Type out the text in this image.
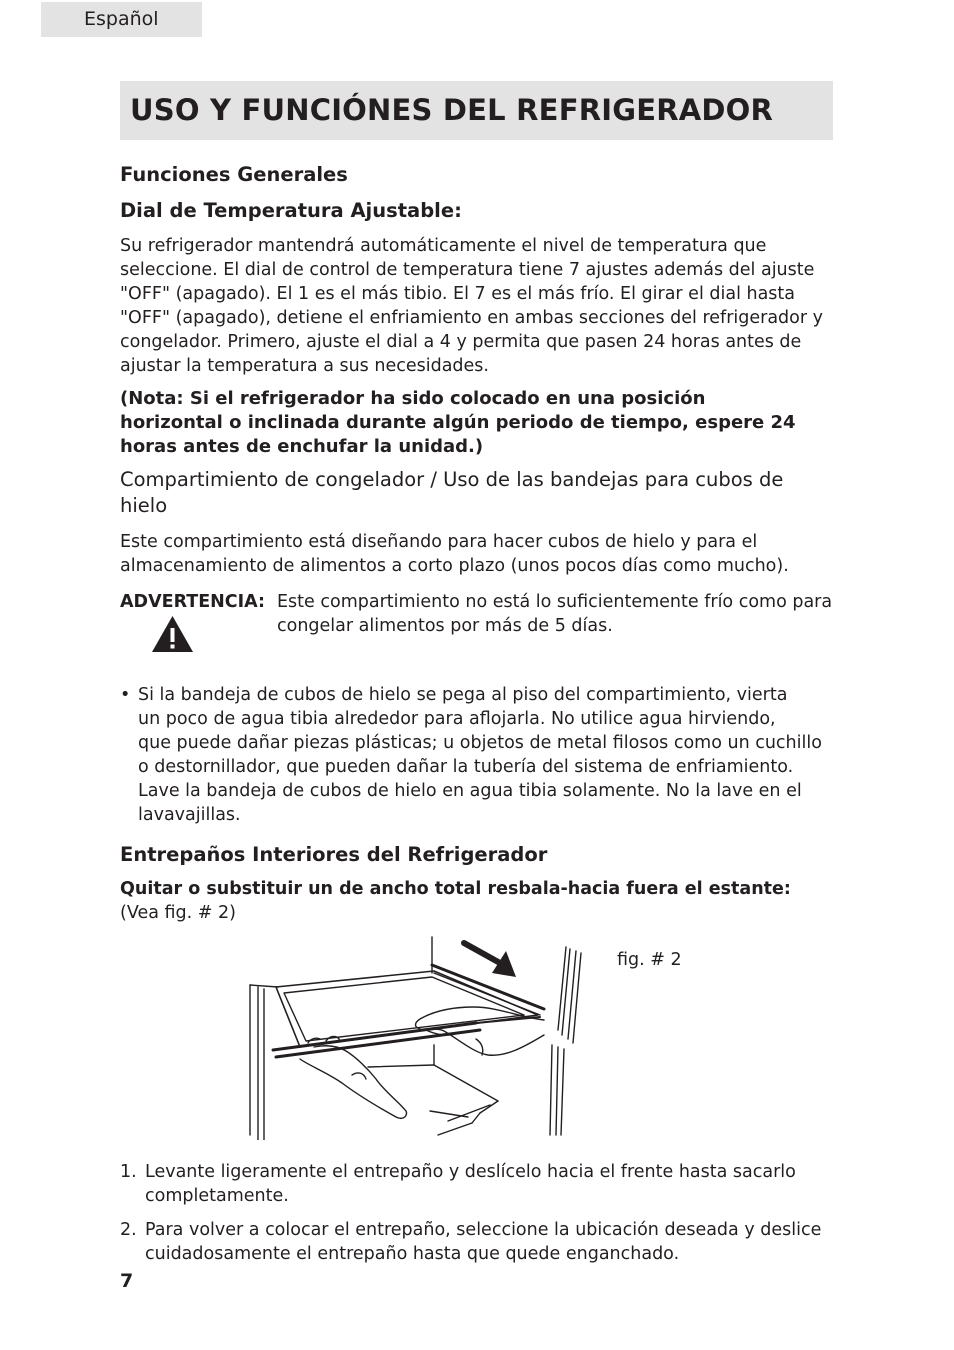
Español
USO Y FUNCIÓNES DEL REFRIGERADOR
Funciones Generales
Dial de Temperatura Ajustable:

Su refrigerador mantendrá automáticamente el nivel de temperatura que

seleccione. El dial de control de temperatura tiene 7 ajustes además del ajuste

"OFF" (apagado). El 1 es el más tibio. El 7 es el más frío. El girar el dial hasta

"OFF" (apagado), detiene el enfriamiento en ambas secciones del refrigerador y

congelador. Primero, ajuste el dial a 4 y permita que pasen 24 horas antes de

ajustar la temperatura a sus necesidades.

(Nota: Si el refrigerador ha sido colocado en una posición

horizontal o inclinada durante algún periodo de tiempo, espere 24

horas antes de enchufar la unidad.)

Compartimiento de congelador / Uso de las bandejas para cubos de

hielo

Este compartimiento está diseñando para hacer cubos de hielo y para el

almacenamiento de alimentos a corto plazo (unos pocos días como mucho).

ADVERTENCIA: Este compartimiento no está lo suficientemente frío como para

congelar alimentos por más de 5 días.

• Si la bandeja de cubos de hielo se pega al piso del compartimiento, vierta

un poco de agua tibia alrededor para aflojarla. No utilice agua hirviendo,

que puede dañar piezas plásticas; u objetos de metal filosos como un cuchillo

o destornillador, que pueden dañar la tubería del sistema de enfriamiento.

Lave la bandeja de cubos de hielo en agua tibia solamente. No la lave en el

lavavajillas.

Entrepaños Interiores del Refrigerador

Quitar o substituir un de ancho total resbala-hacia fuera el estante:

(Vea fig. # 2)

fig. # 2
1. Levante ligeramente el entrepaño y deslícelo hacia el frente hasta sacarlo

completamente.

2. Para volver a colocar el entrepaño, seleccione la ubicación deseada y deslice

cuidadosamente el entrepaño hasta que quede enganchado.

7
